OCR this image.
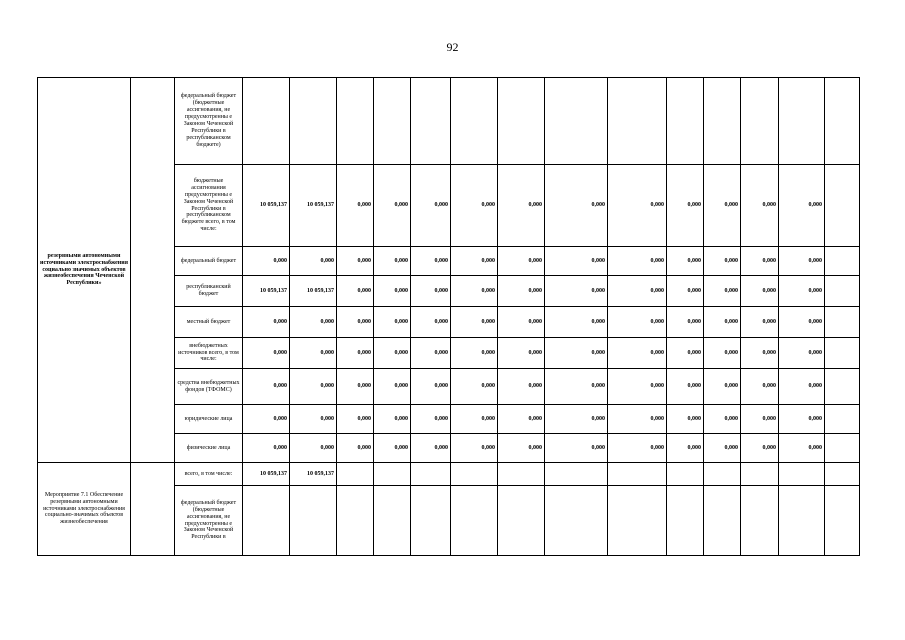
92
резервными автономными источниками электроснабжения социально значимых объектов жизнеобеспечения Чеченской Республики»		федеральный бюджет (бюджетные ассигнования, не предусмотренны е Законом Чеченской Республики в республиканском бюджете)														
		бюджетные ассигнования предусмотренны е Законом Чеченской Республики в республиканском бюджете всего, в том числе:	10 059,137	10 059,137	0,000	0,000	0,000	0,000	0,000	0,000	0,000	0,000	0,000	0,000	0,000	
		федеральный бюджет	0,000	0,000	0,000	0,000	0,000	0,000	0,000	0,000	0,000	0,000	0,000	0,000	0,000	
		республиканский бюджет	10 059,137	10 059,137	0,000	0,000	0,000	0,000	0,000	0,000	0,000	0,000	0,000	0,000	0,000	
		местный бюджет	0,000	0,000	0,000	0,000	0,000	0,000	0,000	0,000	0,000	0,000	0,000	0,000	0,000	
		внебюджетных источников всего, в том числе:	0,000	0,000	0,000	0,000	0,000	0,000	0,000	0,000	0,000	0,000	0,000	0,000	0,000	
		средства внебюджетных фондов (ТФОМС)	0,000	0,000	0,000	0,000	0,000	0,000	0,000	0,000	0,000	0,000	0,000	0,000	0,000	
		юридические лица	0,000	0,000	0,000	0,000	0,000	0,000	0,000	0,000	0,000	0,000	0,000	0,000	0,000	
		физические лица	0,000	0,000	0,000	0,000	0,000	0,000	0,000	0,000	0,000	0,000	0,000	0,000	0,000	
Мероприятие 7.1 Обеспечение резервными автономными источниками электроснабжения социально-значимых объектов жизнеобеспечения		всего, в том числе:	10 059,137	10 059,137												
		федеральный бюджет (бюджетные ассигнования, не предусмотренны е Законом Чеченской Республики в														
